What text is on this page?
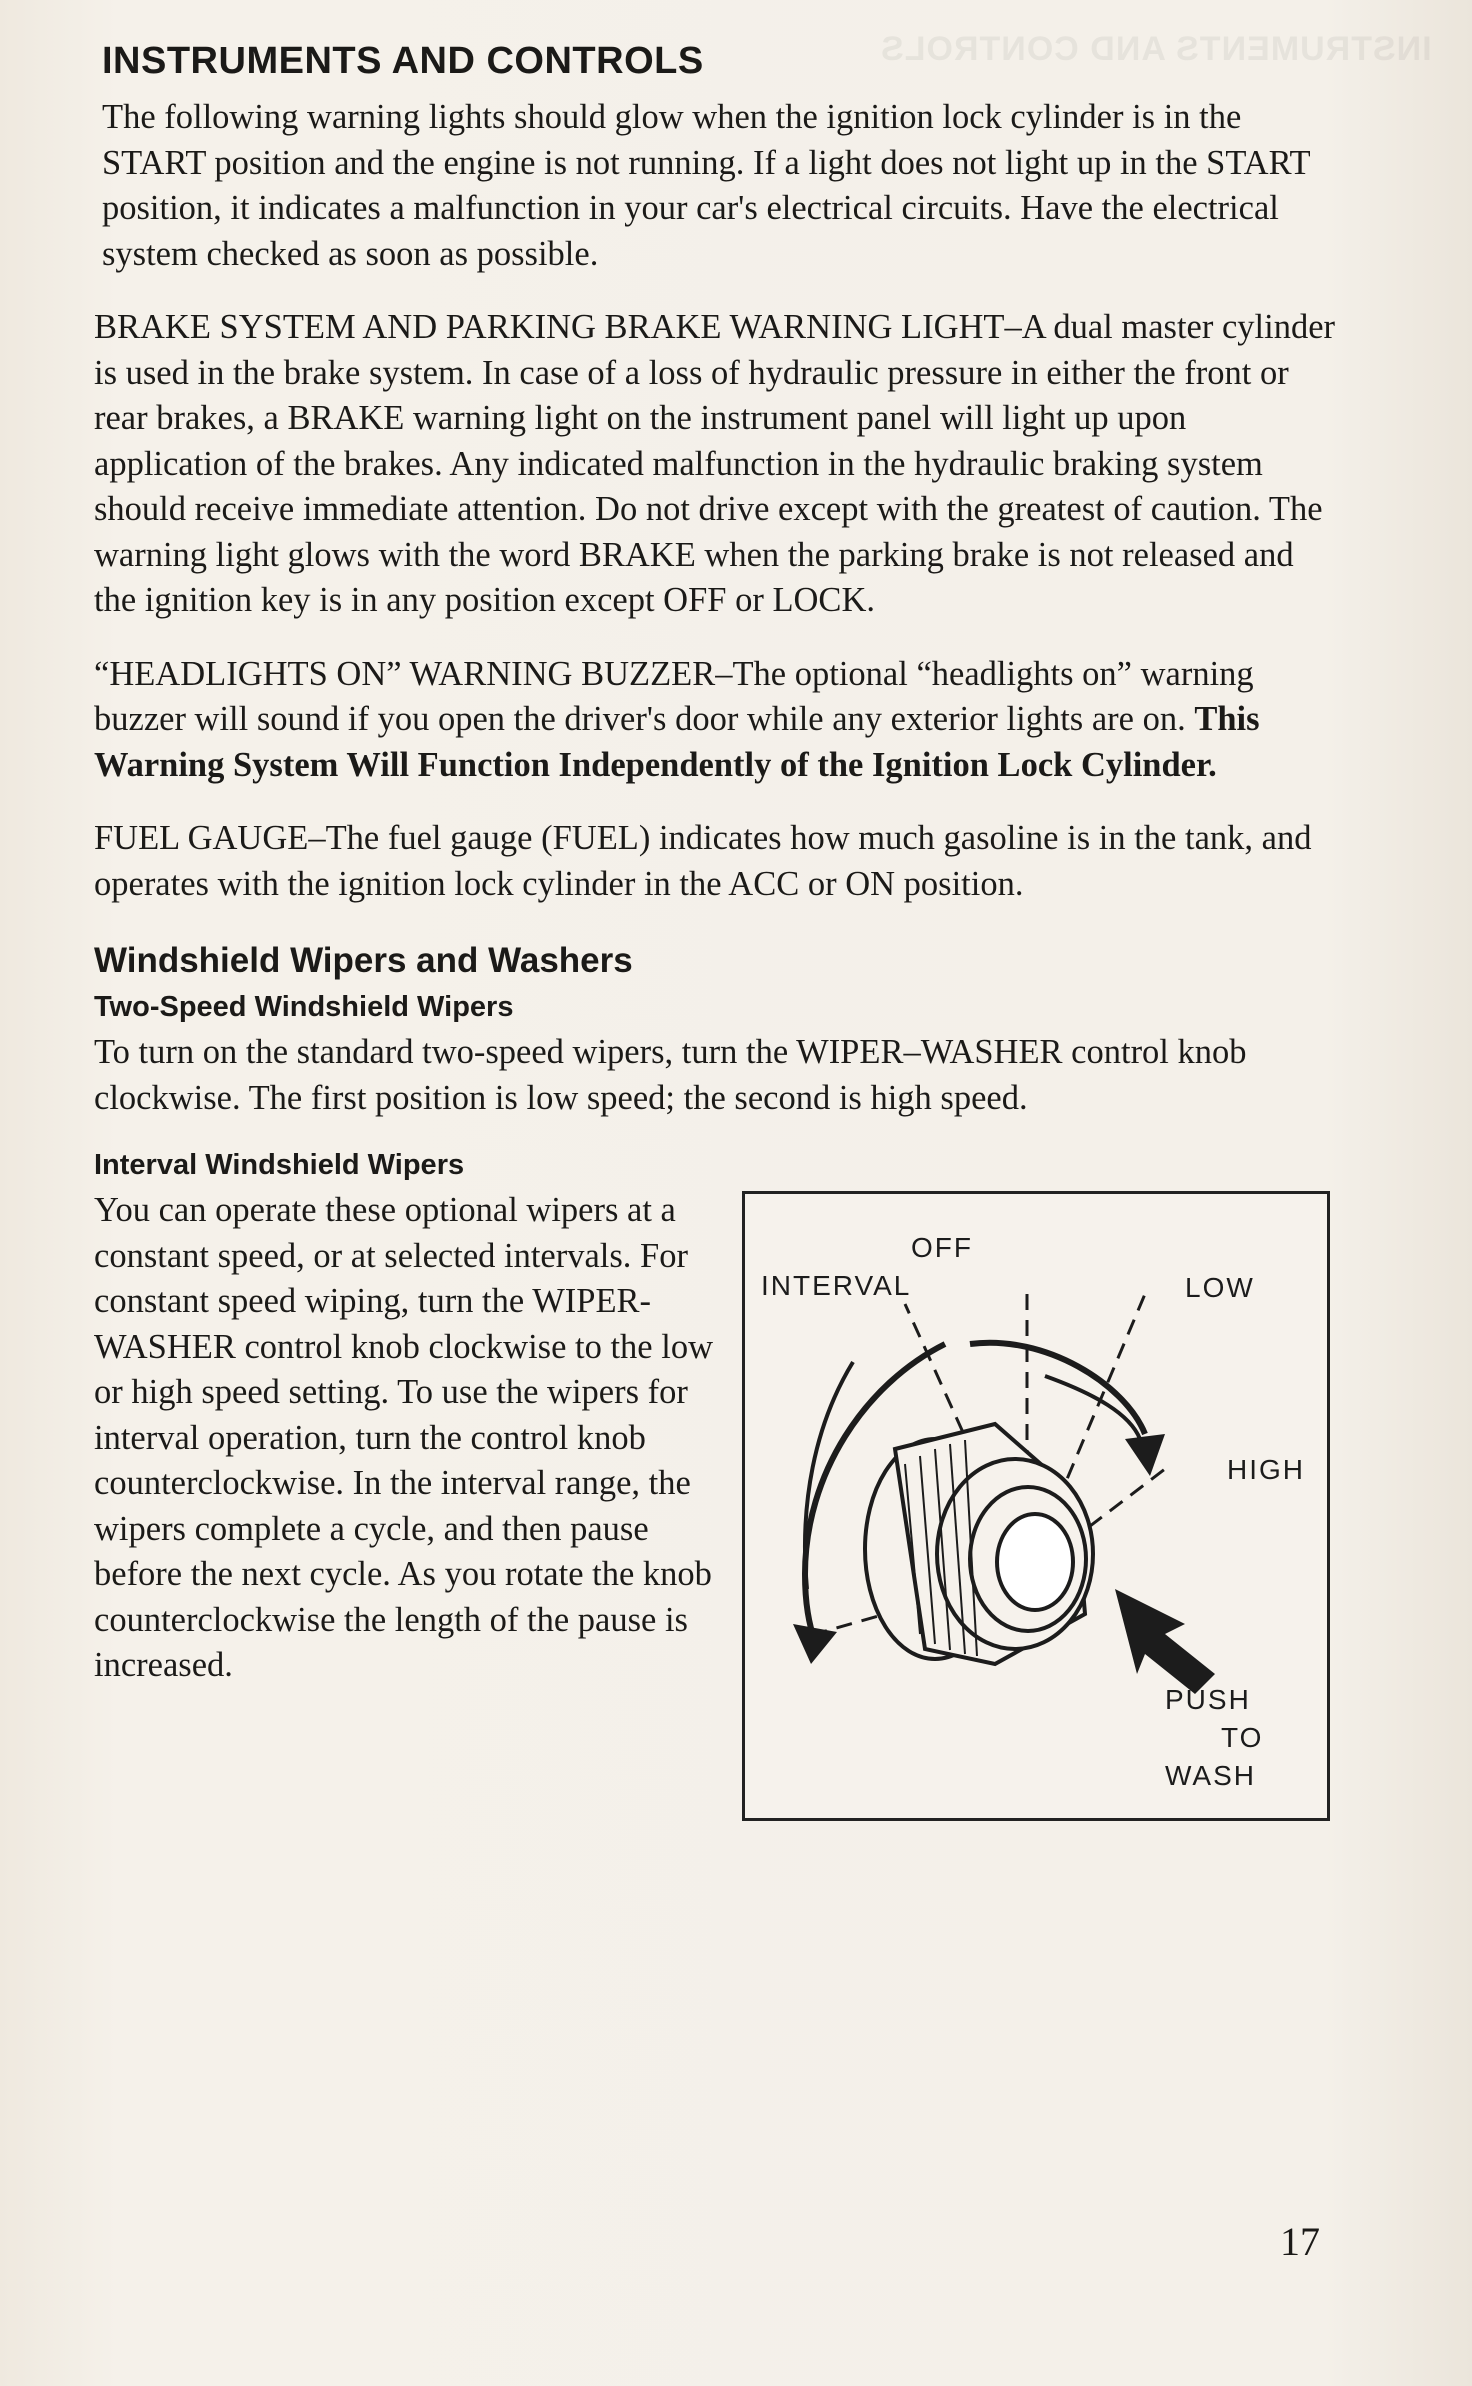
INSTRUMENTS AND CONTROLS
INSTRUMENTS AND CONTROLS

The following warning lights should glow when the ignition lock cylinder is in the START position and the engine is not running. If a light does not light up in the START position, it indicates a malfunction in your car's electrical circuits. Have the electrical system checked as soon as possible.

BRAKE SYSTEM AND PARKING BRAKE WARNING LIGHT–A dual master cylinder is used in the brake system. In case of a loss of hydraulic pressure in either the front or rear brakes, a BRAKE warning light on the instrument panel will light up upon application of the brakes. Any indicated malfunction in the hydraulic braking system should receive immediate attention. Do not drive except with the greatest of caution. The warning light glows with the word BRAKE when the parking brake is not released and the ignition key is in any position except OFF or LOCK.

“HEADLIGHTS ON” WARNING BUZZER–The optional “headlights on” warning buzzer will sound if you open the driver's door while any exterior lights are on. This Warning System Will Function Independently of the Ignition Lock Cylinder.

FUEL GAUGE–The fuel gauge (FUEL) indicates how much gasoline is in the tank, and operates with the ignition lock cylinder in the ACC or ON position.

Windshield Wipers and Washers
Two-Speed Windshield Wipers

To turn on the standard two-speed wipers, turn the WIPER–WASHER control knob clockwise. The first position is low speed; the second is high speed.

Interval Windshield Wipers

You can operate these optional wipers at a constant speed, or at selected intervals. For constant speed wiping, turn the WIPER-WASHER control knob clockwise to the low or high speed setting. To use the wipers for interval operation, turn the control knob counterclockwise. In the interval range, the wipers complete a cycle, and then pause before the next cycle. As you rotate the knob counterclockwise the length of the pause is increased.

OFF
INTERVAL	LOW
HIGH
PUSH
TO
WASH
17
